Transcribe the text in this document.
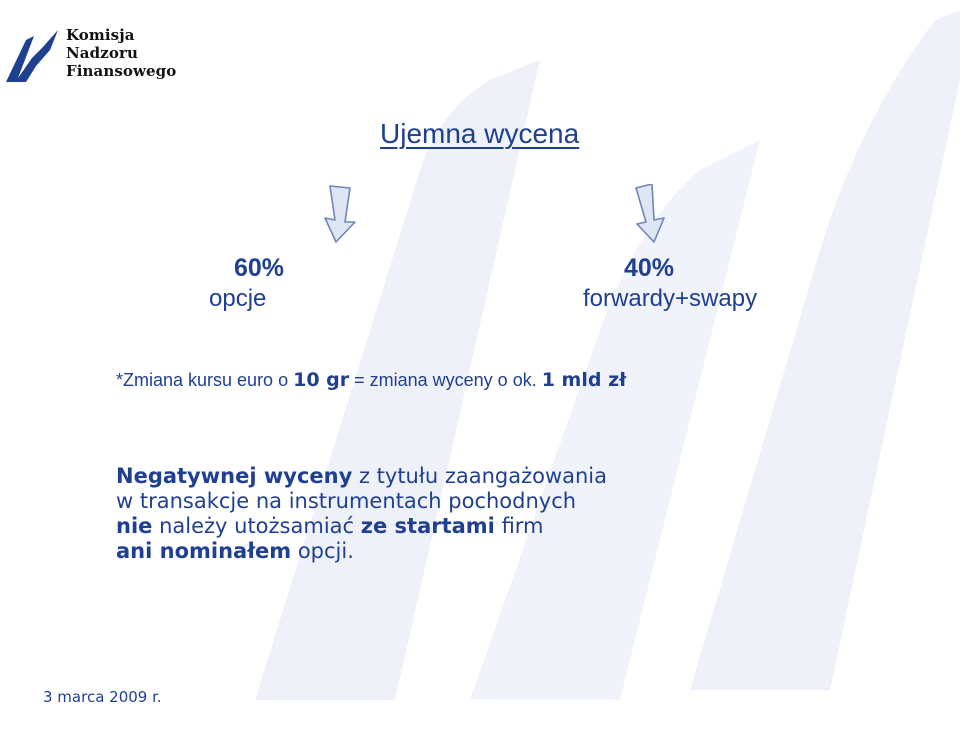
Komisja
Nadzoru
Finansowego
Ujemna wycena
60%
opcje
40%
forwardy+swapy
*Zmiana kursu euro o 10 gr = zmiana wyceny o ok. 1 mld zł
Negatywnej wyceny z tytułu zaangażowania
w transakcje na instrumentach pochodnych
nie należy utożsamiać ze startami firm
ani nominałem opcji.
3 marca 2009 r.
